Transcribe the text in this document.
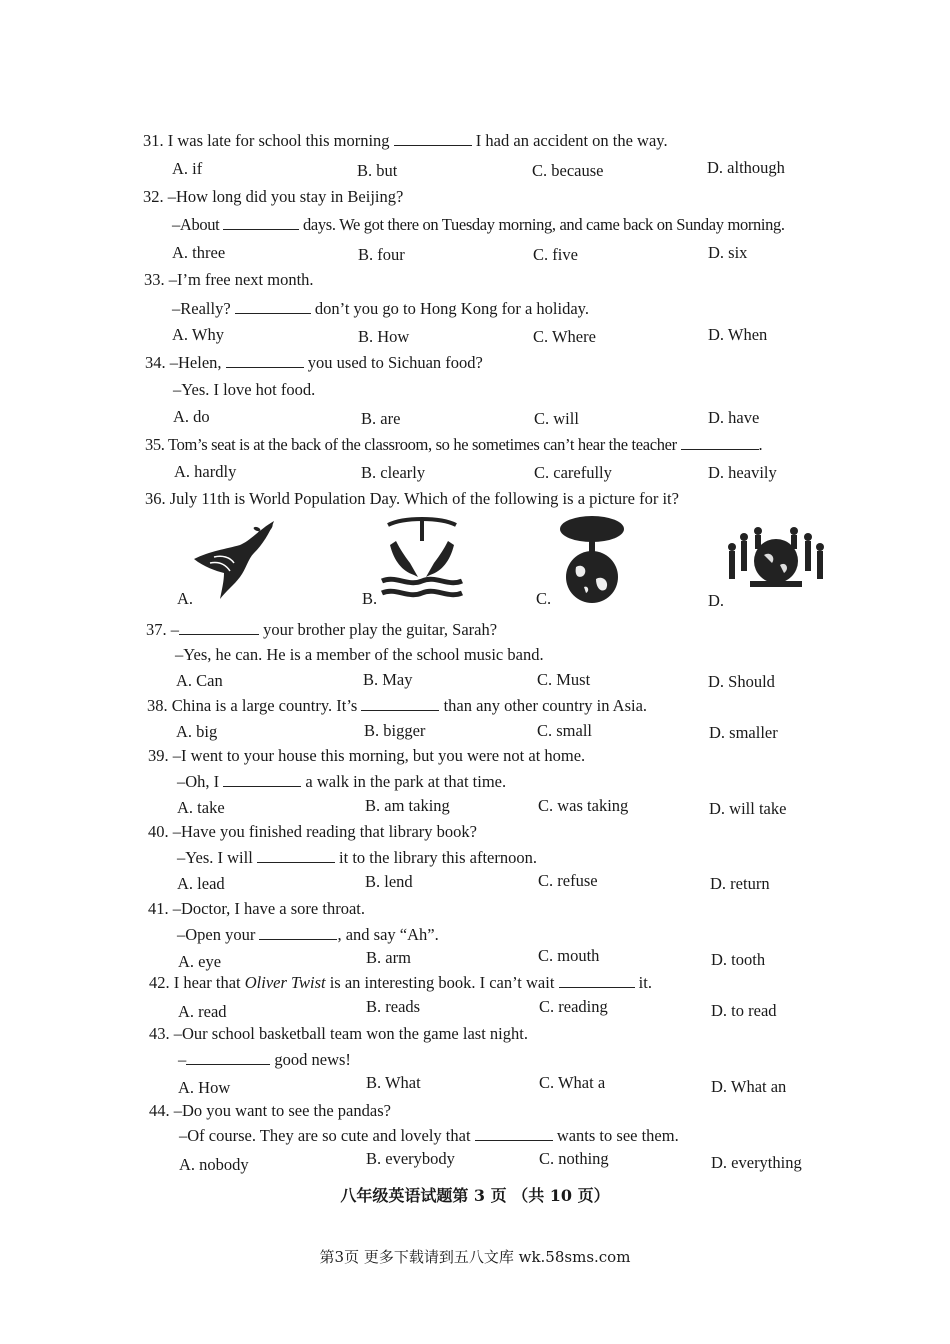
31. I was late for school this morning	I had an accident on the way.
A. if	B. but	C. because	D. although
32. –How long did you stay in Beijing?
–About	days. We got there on Tuesday morning, and came back on Sunday morning.
A. three	B. four	C. five	D. six
33. –I’m free next month.
–Really?	don’t you go to Hong Kong for a holiday.
A. Why	B. How	C. Where	D. When
34. –Helen,	you used to Sichuan food?
–Yes. I love hot food.
A. do	B. are	C. will	D. have
35. Tom’s seat is at the back of the classroom, so he sometimes can’t hear the teacher	.
A. hardly	B. clearly	C. carefully	D. heavily
36. July 11th is World Population Day. Which of the following is a picture for it?
A.	B.	C.	D.
37. –	your brother play the guitar, Sarah?
–Yes, he can. He is a member of the school music band.
A. Can	B. May	C. Must	D. Should
38. China is a large country. It’s	than any other country in Asia.
A. big	B. bigger	C. small	D. smaller
39. –I went to your house this morning, but you were not at home.
–Oh, I	a walk in the park at that time.
A. take	B. am taking	C. was taking	D. will take
40. –Have you finished reading that library book?
–Yes. I will	it to the library this afternoon.
A. lead	B. lend	C. refuse	D. return
41. –Doctor, I have a sore throat.
–Open your	, and say “Ah”.
A. eye	B. arm	C. mouth	D. tooth
42. I hear that Oliver Twist is an interesting book. I can’t wait	it.
A. read	B. reads	C. reading	D. to read
43. –Our school basketball team won the game last night.
–	good news!
A. How	B. What	C. What a	D. What an
44. –Do you want to see the pandas?
–Of course. They are so cute and lovely that	wants to see them.
A. nobody	B. everybody	C. nothing	D. everything
八年级英语试题第 3 页 （共 10 页）
第3页 更多下载请到五八文库 wk.58sms.com
